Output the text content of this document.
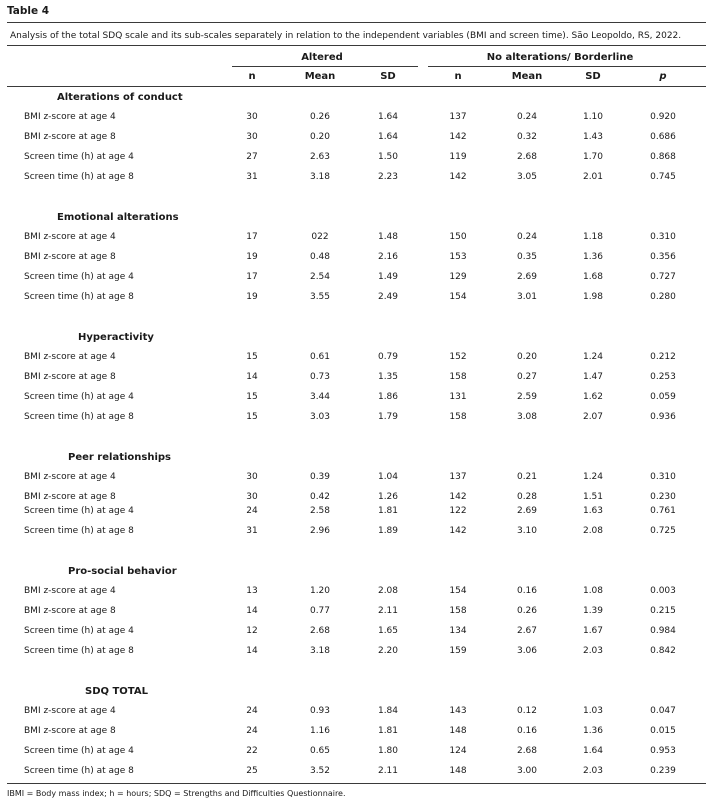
Table 4
Analysis of the total SDQ scale and its sub-scales separately in relation to the independent variables (BMI and screen time). São Leopoldo, RS, 2022.
Altered	No alterations/ Borderline
n	Mean	SD	n	Mean	SD	p
Alterations of conduct
BMI z-score at age 4	30	0.26	1.64	137	0.24	1.10	0.920
BMI z-score at age 8	30	0.20	1.64	142	0.32	1.43	0.686
Screen time (h) at age 4	27	2.63	1.50	119	2.68	1.70	0.868
Screen time (h) at age 8	31	3.18	2.23	142	3.05	2.01	0.745
Emotional alterations
BMI z-score at age 4	17	022	1.48	150	0.24	1.18	0.310
BMI z-score at age 8	19	0.48	2.16	153	0.35	1.36	0.356
Screen time (h) at age 4	17	2.54	1.49	129	2.69	1.68	0.727
Screen time (h) at age 8	19	3.55	2.49	154	3.01	1.98	0.280
Hyperactivity
BMI z-score at age 4	15	0.61	0.79	152	0.20	1.24	0.212
BMI z-score at age 8	14	0.73	1.35	158	0.27	1.47	0.253
Screen time (h) at age 4	15	3.44	1.86	131	2.59	1.62	0.059
Screen time (h) at age 8	15	3.03	1.79	158	3.08	2.07	0.936
Peer relationships
BMI z-score at age 4	30	0.39	1.04	137	0.21	1.24	0.310
BMI z-score at age 8	30	0.42	1.26	142	0.28	1.51	0.230
Screen time (h) at age 4	24	2.58	1.81	122	2.69	1.63	0.761
Screen time (h) at age 8	31	2.96	1.89	142	3.10	2.08	0.725
Pro-social behavior
BMI z-score at age 4	13	1.20	2.08	154	0.16	1.08	0.003
BMI z-score at age 8	14	0.77	2.11	158	0.26	1.39	0.215
Screen time (h) at age 4	12	2.68	1.65	134	2.67	1.67	0.984
Screen time (h) at age 8	14	3.18	2.20	159	3.06	2.03	0.842
SDQ TOTAL
BMI z-score at age 4	24	0.93	1.84	143	0.12	1.03	0.047
BMI z-score at age 8	24	1.16	1.81	148	0.16	1.36	0.015
Screen time (h) at age 4	22	0.65	1.80	124	2.68	1.64	0.953
Screen time (h) at age 8	25	3.52	2.11	148	3.00	2.03	0.239
IBMI = Body mass index; h = hours; SDQ = Strengths and Difficulties Questionnaire.
